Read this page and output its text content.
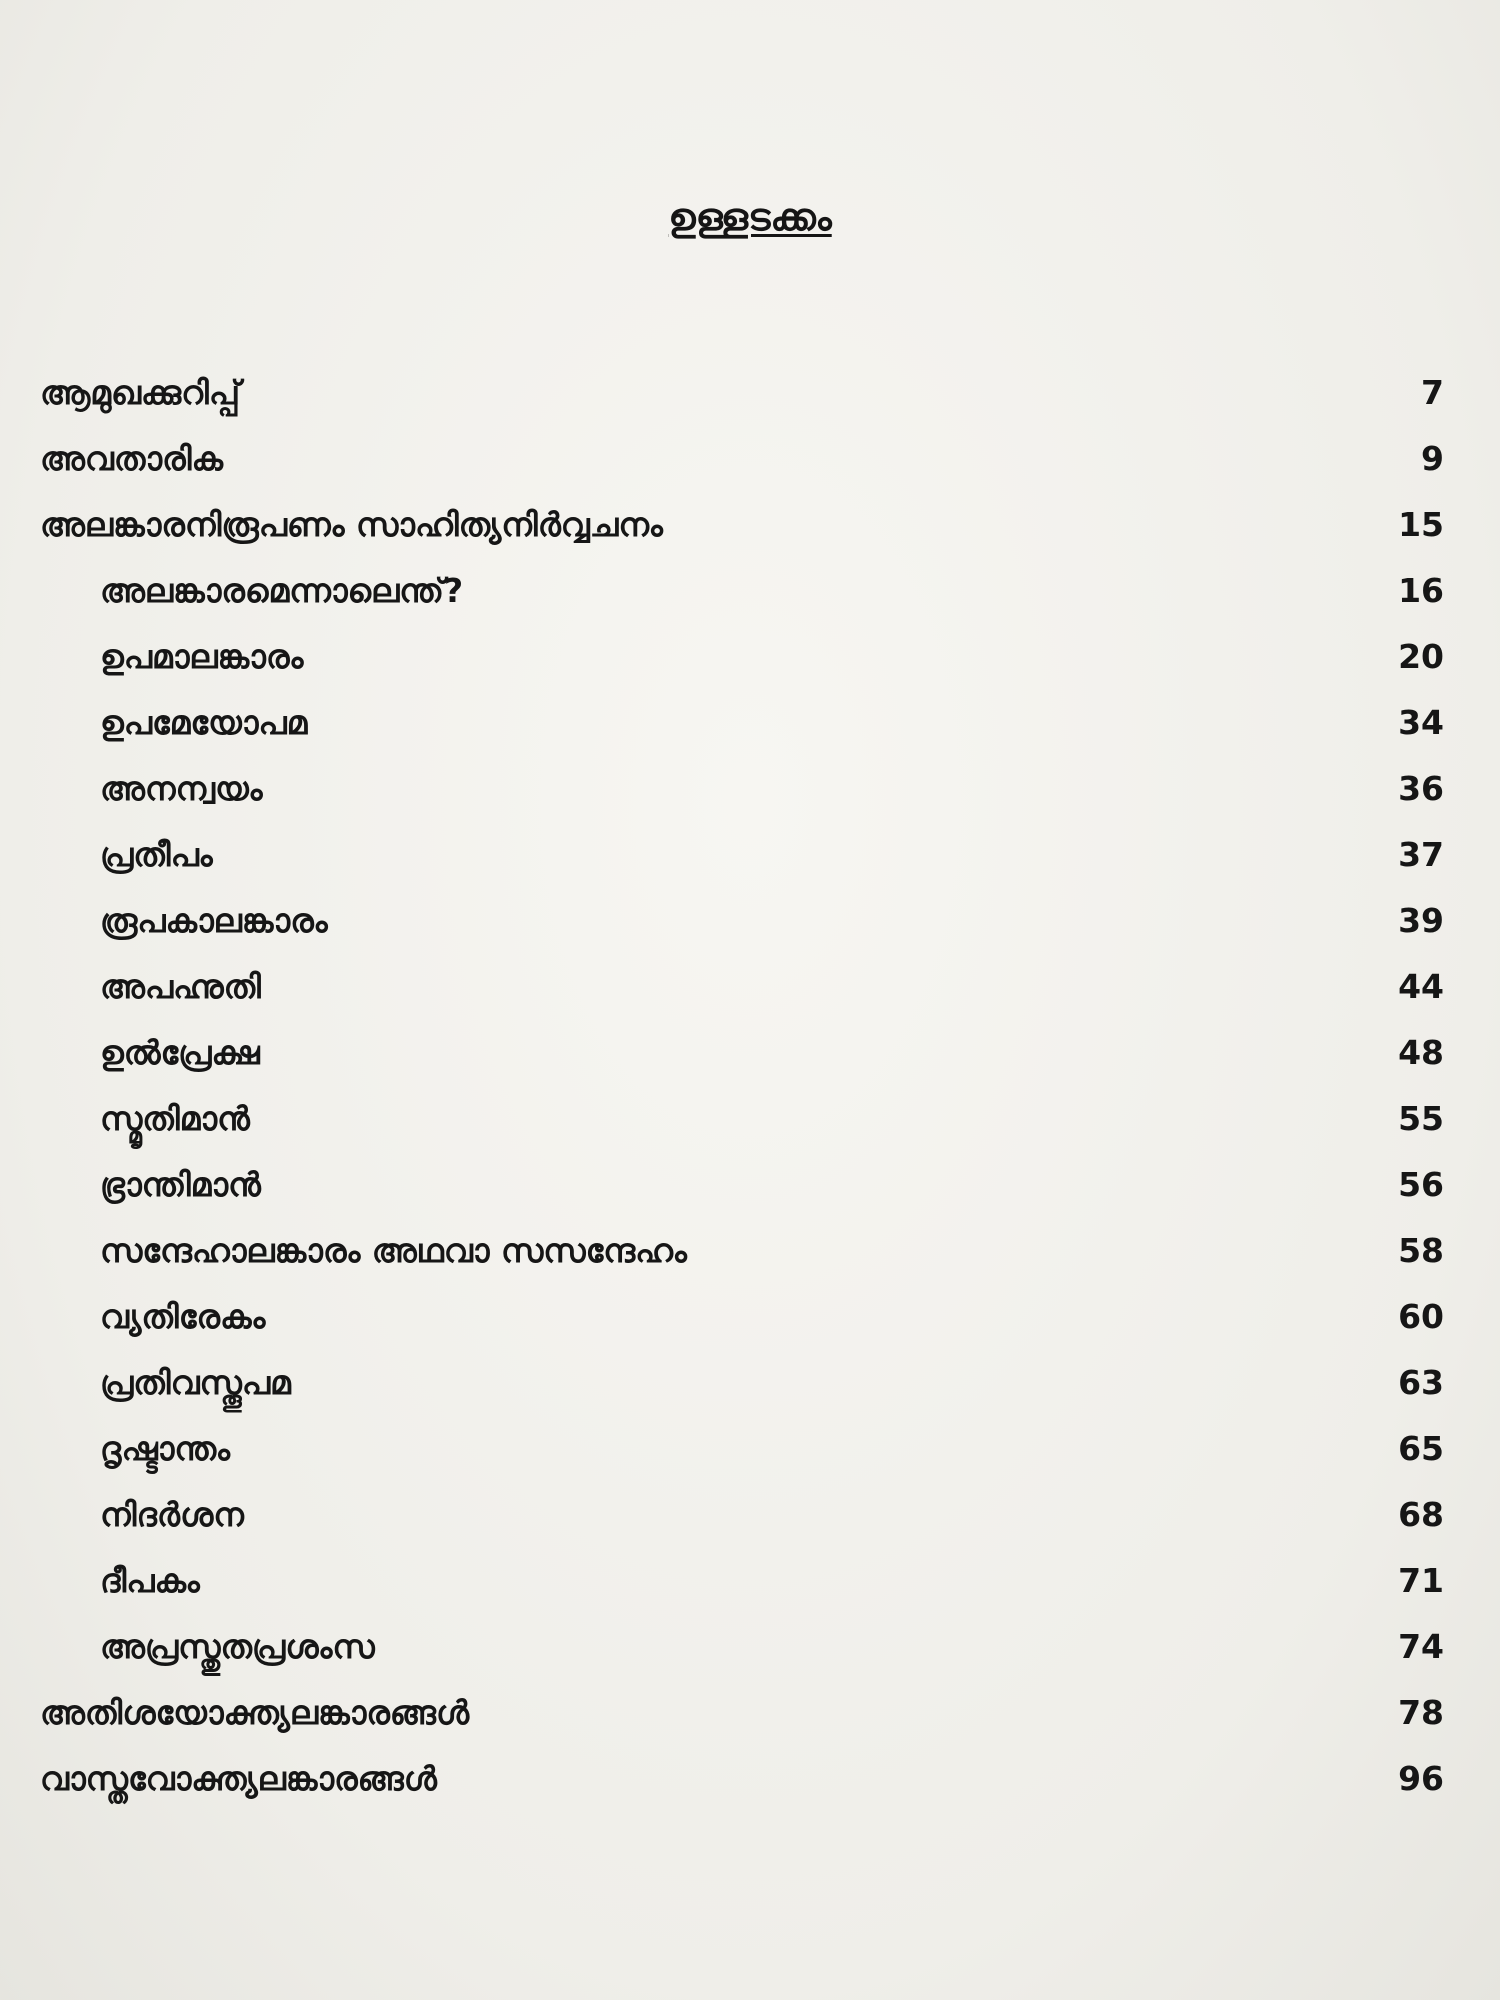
ഉള്ളടക്കം
ആമുഖക്കുറിപ്പ്	7
അവതാരിക	9
അലങ്കാരനിരൂപണം സാഹിത്യനിർവ്വചനം	15
അലങ്കാരമെന്നാലെന്ത്?	16
ഉപമാലങ്കാരം	20
ഉപമേയോപമ	34
അനന്വയം	36
പ്രതീപം	37
രൂപകാലങ്കാരം	39
അപഹ്നുതി	44
ഉൽപ്രേക്ഷ	48
സ്മൃതിമാൻ	55
ഭ്രാന്തിമാൻ	56
സന്ദേഹാലങ്കാരം അഥവാ സസന്ദേഹം	58
വ്യതിരേകം	60
പ്രതിവസ്തൂപമ	63
ദൃഷ്ടാന്തം	65
നിദർശന	68
ദീപകം	71
അപ്രസ്തുതപ്രശംസ	74
അതിശയോക്ത്യലങ്കാരങ്ങൾ	78
വാസ്തവോക്ത്യലങ്കാരങ്ങൾ	96
